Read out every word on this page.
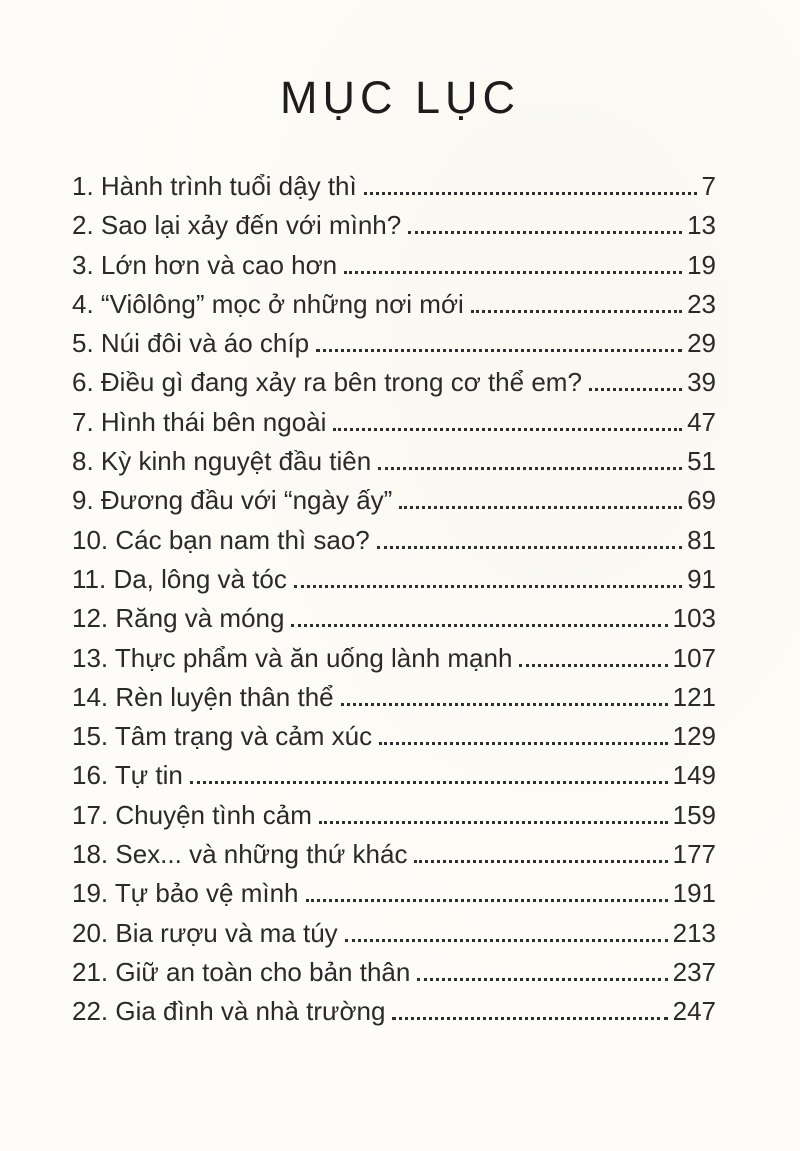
MỤC LỤC
1. Hành trình tuổi dậy thì	7
2. Sao lại xảy đến với mình?	13
3. Lớn hơn và cao hơn	19
4. “Viôlông” mọc ở những nơi mới	23
5. Núi đôi và áo chíp	29
6. Điều gì đang xảy ra bên trong cơ thể em?	39
7. Hình thái bên ngoài	47
8. Kỳ kinh nguyệt đầu tiên	51
9. Đương đầu với “ngày ấy”	69
10. Các bạn nam thì sao?	81
11. Da, lông và tóc	91
12. Răng và móng	103
13. Thực phẩm và ăn uống lành mạnh	107
14. Rèn luyện thân thể	121
15. Tâm trạng và cảm xúc	129
16. Tự tin	149
17. Chuyện tình cảm	159
18. Sex... và những thứ khác	177
19. Tự bảo vệ mình	191
20. Bia rượu và ma túy	213
21. Giữ an toàn cho bản thân	237
22. Gia đình và nhà trường	247
